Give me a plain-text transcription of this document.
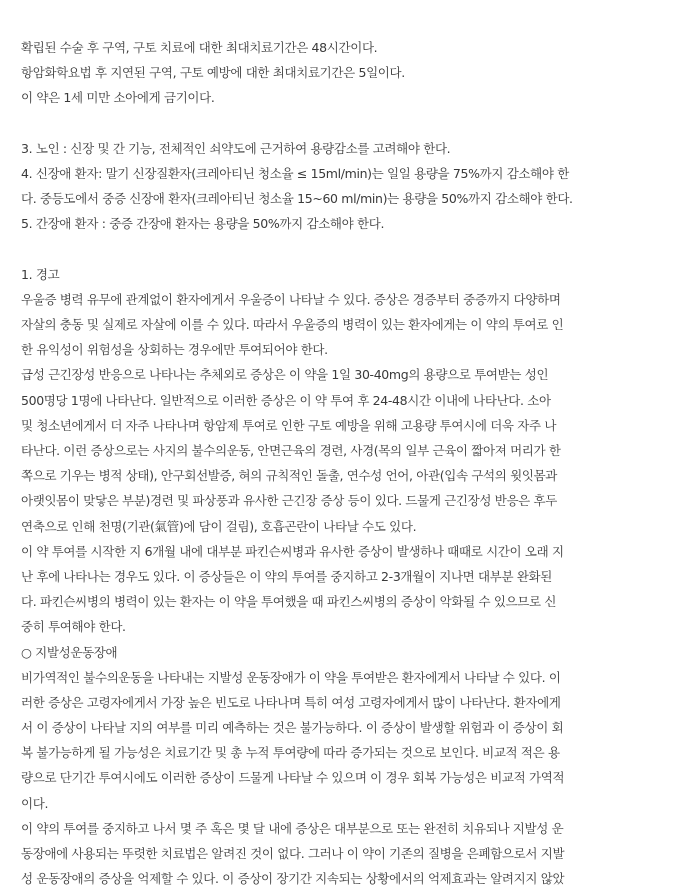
확립된 수술 후 구역, 구토 치료에 대한 최대치료기간은 48시간이다.
항암화학요법 후 지연된 구역, 구토 예방에 대한 최대치료기간은 5일이다.
이 약은 1세 미만 소아에게 금기이다.
3. 노인 : 신장 및 간 기능, 전체적인 쇠약도에 근거하여 용량감소를 고려해야 한다.
4. 신장애 환자: 말기 신장질환자(크레아티닌 청소율 ≤ 15ml/min)는 일일 용량을 75%까지 감소해야 한
다. 중등도에서 중증 신장애 환자(크레아티닌 청소율 15~60 ml/min)는 용량을 50%까지 감소해야 한다.
5. 간장애 환자 : 중증 간장애 환자는 용량을 50%까지 감소해야 한다.
1. 경고
우울증 병력 유무에 관계없이 환자에게서 우울증이 나타날 수 있다. 증상은 경증부터 중증까지 다양하며
자살의 충동 및 실제로 자살에 이를 수 있다. 따라서 우울증의 병력이 있는 환자에게는 이 약의 투여로 인
한 유익성이 위험성을 상회하는 경우에만 투여되어야 한다.
급성 근긴장성 반응으로 나타나는 추체외로 증상은 이 약을 1일 30-40mg의 용량으로 투여받는 성인
500명당 1명에 나타난다. 일반적으로 이러한 증상은 이 약 투여 후 24-48시간 이내에 나타난다. 소아
및 청소년에게서 더 자주 나타나며 항암제 투여로 인한 구토 예방을 위해 고용량 투여시에 더욱 자주 나
타난다. 이런 증상으로는 사지의 불수의운동, 안면근육의 경련, 사경(목의 일부 근육이 짧아져 머리가 한
쪽으로 기우는 병적 상태), 안구회선발증, 혀의 규칙적인 돌출, 연수성 언어, 아관(입속 구석의 윗잇몸과
아랫잇몸이 맞닿은 부분)경련 및 파상풍과 유사한 근긴장 증상 등이 있다. 드물게 근긴장성 반응은 후두
연축으로 인해 천명(기관(氣管)에 담이 걸림), 호흡곤란이 나타날 수도 있다.
이 약 투여를 시작한 지 6개월 내에 대부분 파킨슨씨병과 유사한 증상이 발생하나 때때로 시간이 오래 지
난 후에 나타나는 경우도 있다. 이 증상들은 이 약의 투여를 중지하고 2-3개월이 지나면 대부분 완화된
다. 파킨슨씨병의 병력이 있는 환자는 이 약을 투여했을 때 파킨스씨병의 증상이 악화될 수 있으므로 신
중히 투여해야 한다.
○ 지발성운동장애
비가역적인 불수의운동을 나타내는 지발성 운동장애가 이 약을 투여받은 환자에게서 나타날 수 있다. 이
러한 증상은 고령자에게서 가장 높은 빈도로 나타나며 특히 여성 고령자에게서 많이 나타난다. 환자에게
서 이 증상이 나타날 지의 여부를 미리 예측하는 것은 불가능하다. 이 증상이 발생할 위험과 이 증상이 회
복 불가능하게 될 가능성은 치료기간 및 총 누적 투여량에 따라 증가되는 것으로 보인다. 비교적 적은 용
량으로 단기간 투여시에도 이러한 증상이 드물게 나타날 수 있으며 이 경우 회복 가능성은 비교적 가역적
이다.
이 약의 투여를 중지하고 나서 몇 주 혹은 몇 달 내에 증상은 대부분으로 또는 완전히 치유되나 지발성 운
동장애에 사용되는 뚜렷한 치료법은 알려진 것이 없다. 그러나 이 약이 기존의 질병을 은폐함으로서 지발
성 운동장애의 증상을 억제할 수 있다. 이 증상이 장기간 지속되는 상황에서의 억제효과는 알려지지 않았
